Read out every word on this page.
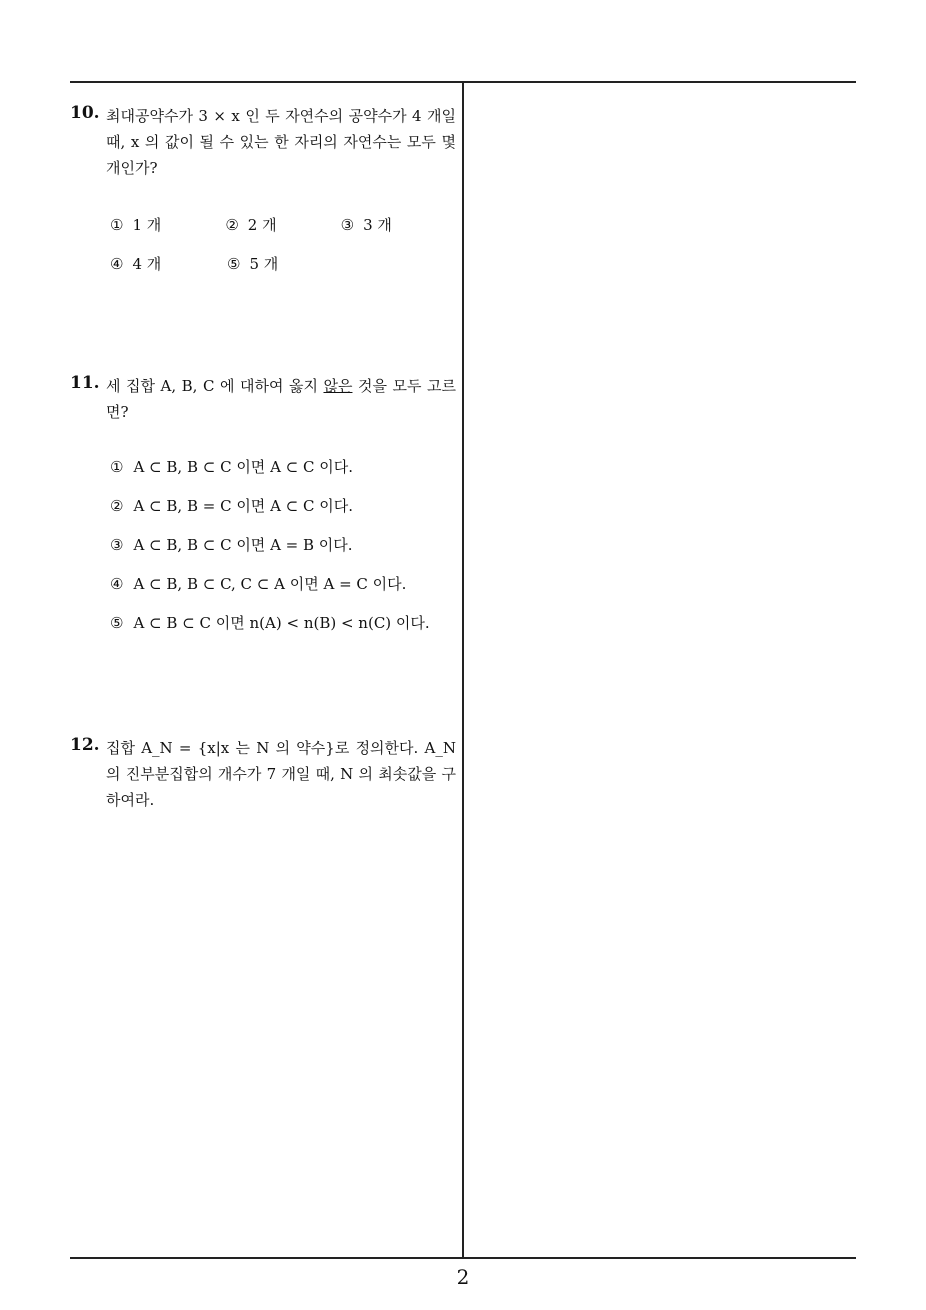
10. 최대공약수가 3 × x 인 두 자연수의 공약수가 4 개일 때, x 의 값이 될 수 있는 한 자리의 자연수는 모두 몇 개인가?
① 1 개	② 2 개	③ 3 개
④ 4 개	⑤ 5 개
11. 세 집합 A, B, C 에 대하여 옳지 않은 것을 모두 고르면?
① A ⊂ B, B ⊂ C 이면 A ⊂ C 이다.
② A ⊂ B, B = C 이면 A ⊂ C 이다.
③ A ⊂ B, B ⊂ C 이면 A = B 이다.
④ A ⊂ B, B ⊂ C, C ⊂ A 이면 A = C 이다.
⑤ A ⊂ B ⊂ C 이면 n(A) < n(B) < n(C) 이다.
12. 집합 A_N = {x|x 는 N 의 약수}로 정의한다. A_N 의 진부분집합의 개수가 7 개일 때, N 의 최솟값을 구하여라.
2
